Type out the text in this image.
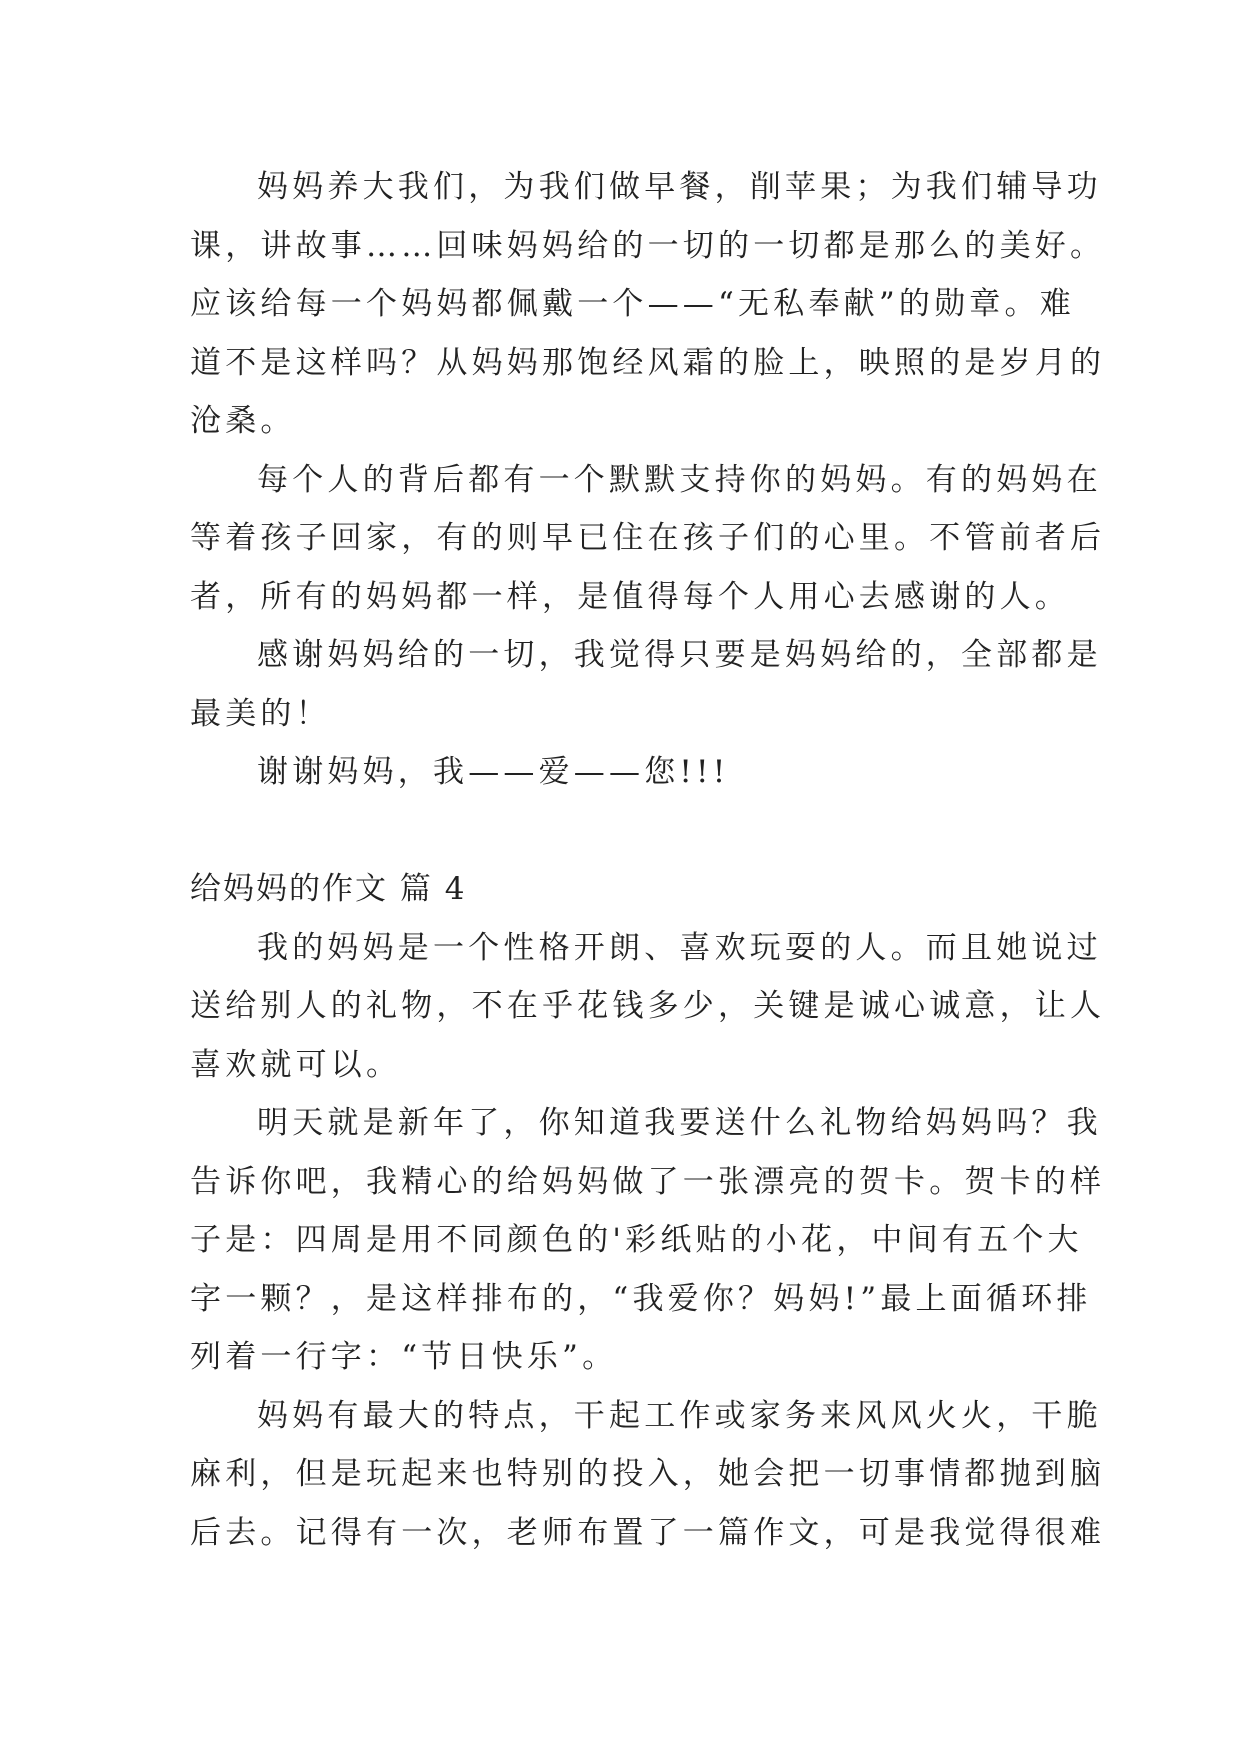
妈妈养大我们，为我们做早餐，削苹果；为我们辅导功
课，讲故事……回味妈妈给的一切的一切都是那么的美好。
应该给每一个妈妈都佩戴一个——“无私奉献”的勋章。难
道不是这样吗？从妈妈那饱经风霜的脸上，映照的是岁月的
沧桑。
每个人的背后都有一个默默支持你的妈妈。有的妈妈在
等着孩子回家，有的则早已住在孩子们的心里。不管前者后
者，所有的妈妈都一样，是值得每个人用心去感谢的人。
感谢妈妈给的一切，我觉得只要是妈妈给的，全部都是
最美的！
谢谢妈妈，我——爱——您!!!
给妈妈的作文 篇 4
我的妈妈是一个性格开朗、喜欢玩耍的人。而且她说过
送给别人的礼物，不在乎花钱多少，关键是诚心诚意，让人
喜欢就可以。
明天就是新年了，你知道我要送什么礼物给妈妈吗？我
告诉你吧，我精心的给妈妈做了一张漂亮的贺卡。贺卡的样
子是：四周是用不同颜色的'彩纸贴的小花，中间有五个大
字一颗？，是这样排布的，“我爱你？妈妈!”最上面循环排
列着一行字：“节日快乐”。
妈妈有最大的特点，干起工作或家务来风风火火，干脆
麻利，但是玩起来也特别的投入，她会把一切事情都抛到脑
后去。记得有一次，老师布置了一篇作文，可是我觉得很难
